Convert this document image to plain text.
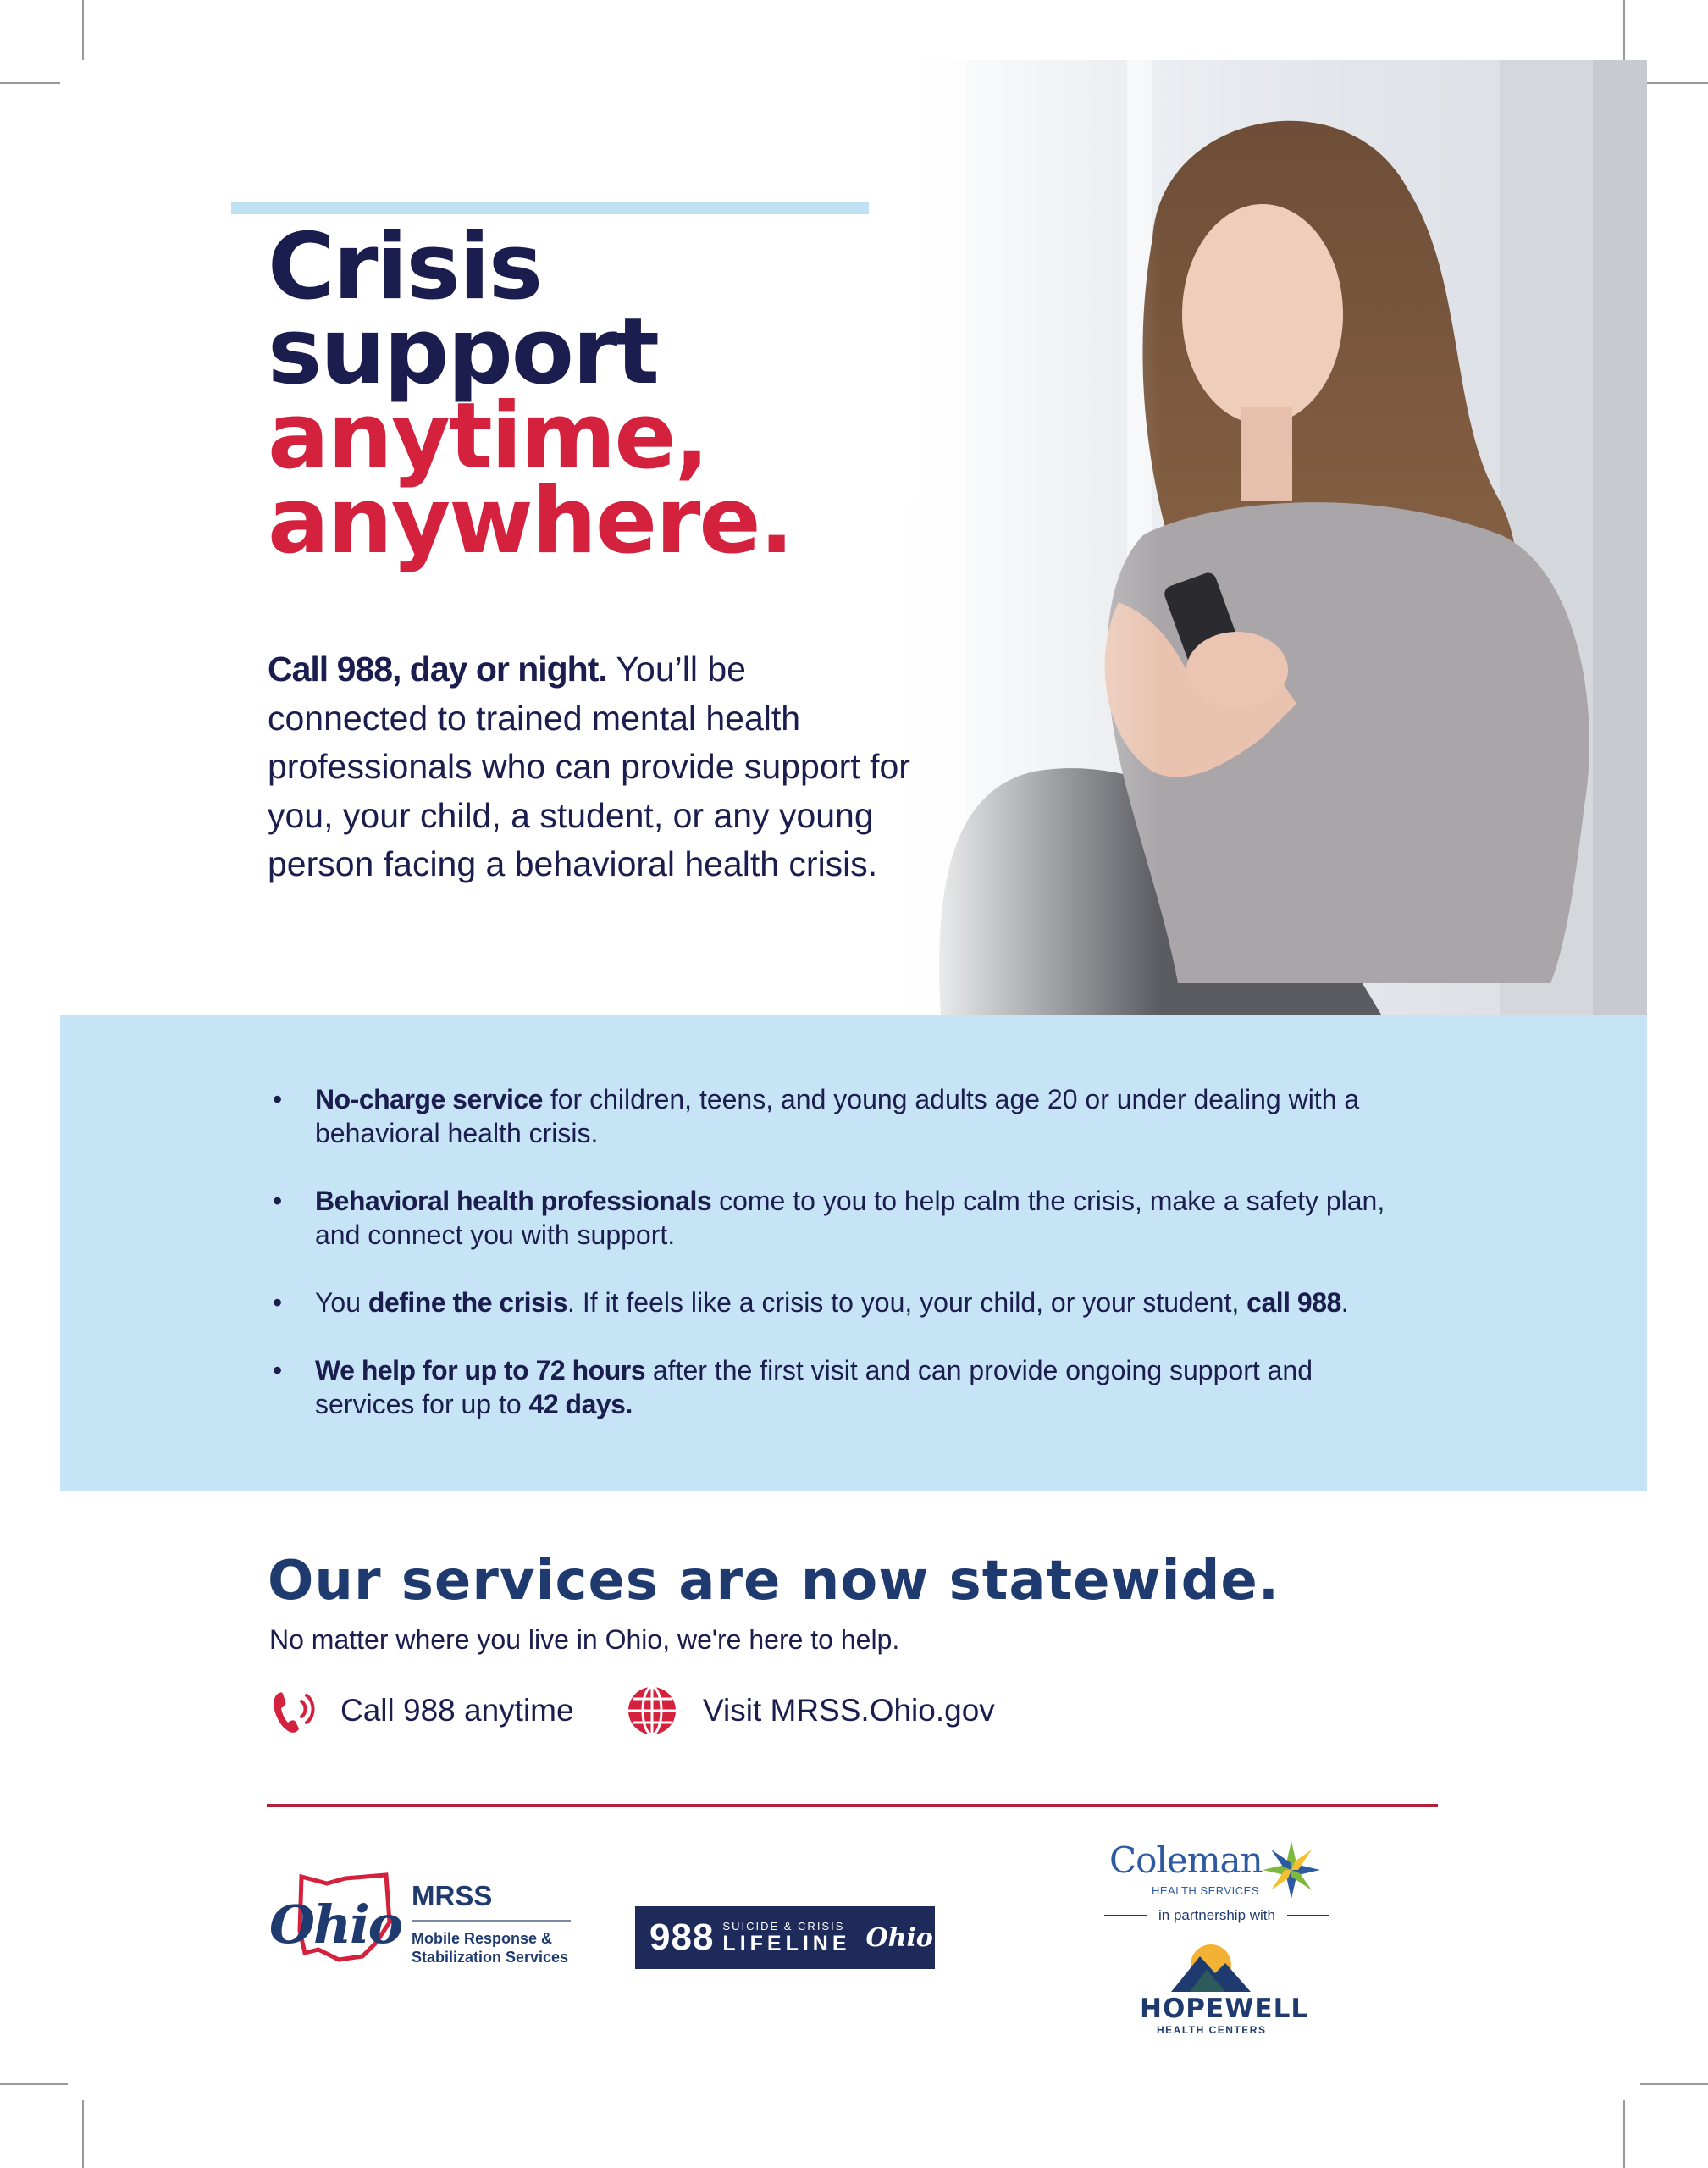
Crisis
support
anytime,
anywhere.

Call 988, day or night. You’ll be connected to trained mental health professionals who can provide support for you, your child, a student, or any young person facing a behavioral health crisis.

• No-charge service for children, teens, and young adults age 20 or under dealing with a behavioral health crisis.
• Behavioral health professionals come to you to help calm the crisis, make a safety plan, and connect you with support.
• You define the crisis. If it feels like a crisis to you, your child, or your student, call 988.
• We help for up to 72 hours after the first visit and can provide ongoing support and services for up to 42 days.
Our services are now statewide.
No matter where you live in Ohio, we're here to help.
Call 988 anytime	Visit MRSS.Ohio.gov
Ohio MRSS
Mobile Response & Stabilization Services	988 SUICIDE & CRISIS
LIFELINE Ohio
Coleman
HEALTH SERVICES
in partnership with
HOPEWELL
HEALTH CENTERS
